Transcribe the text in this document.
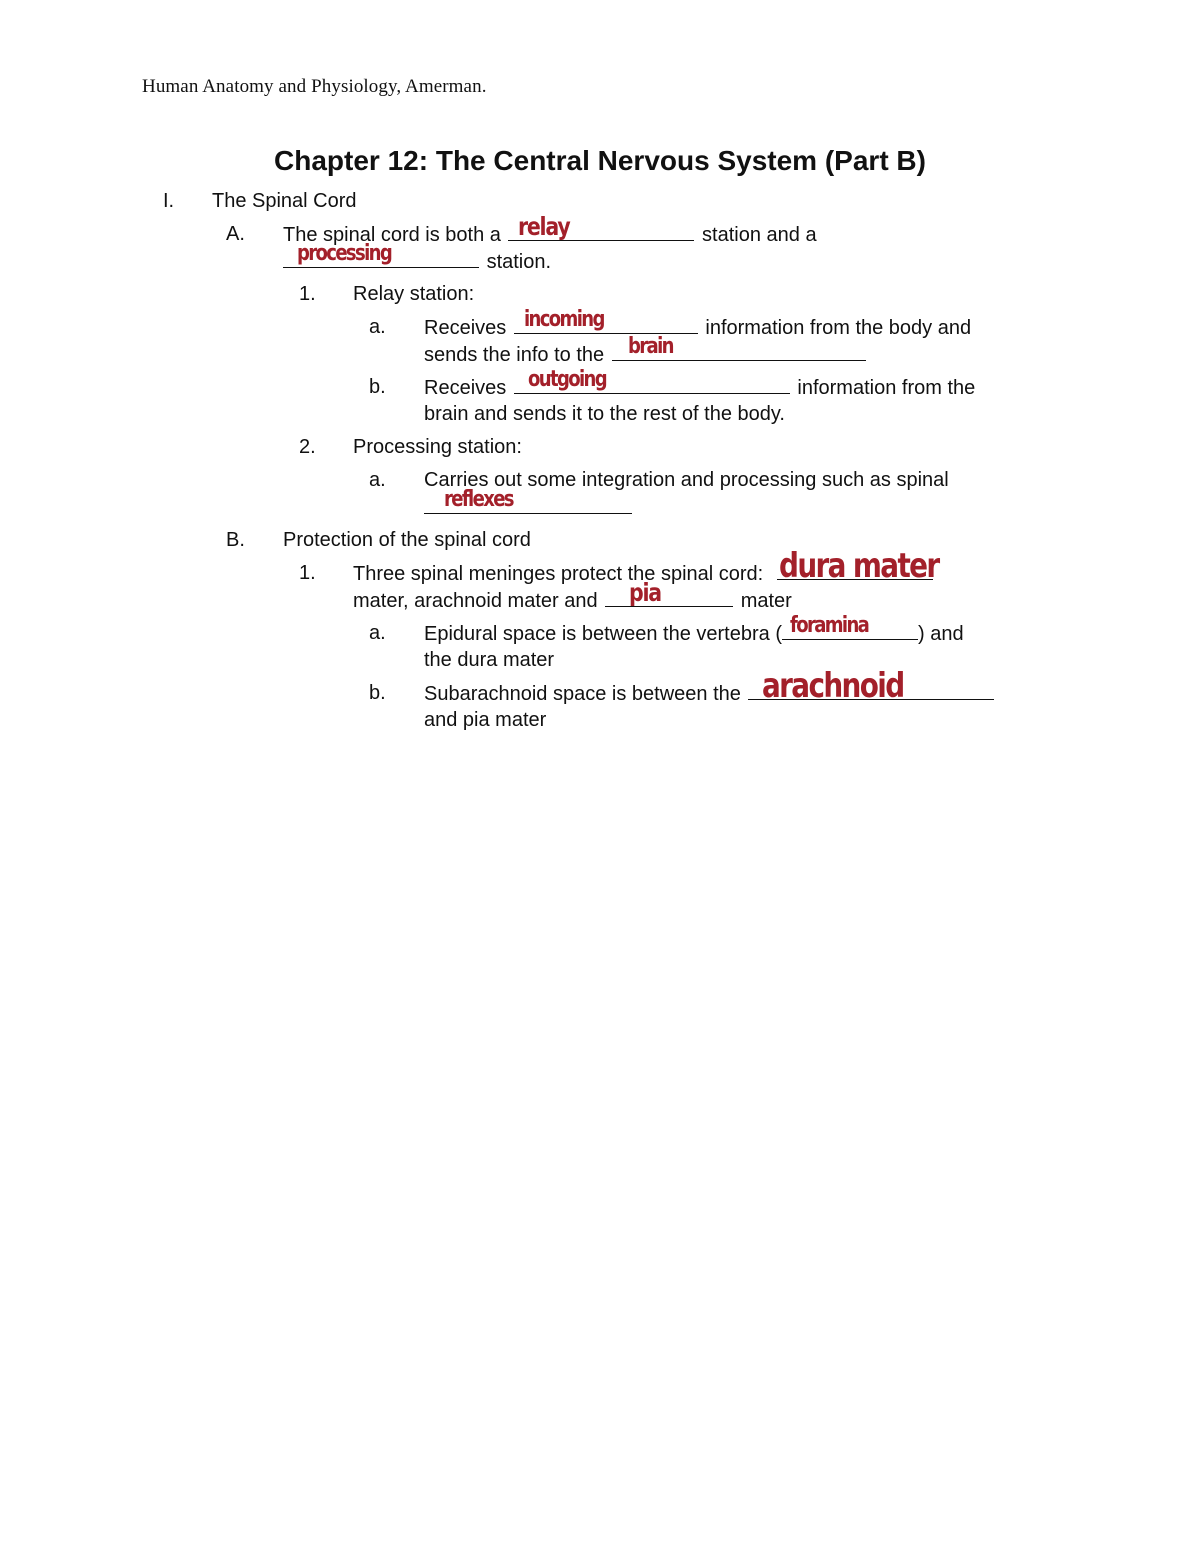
Human Anatomy and Physiology, Amerman.
Chapter 12: The Central Nervous System (Part B)
I. The Spinal Cord
A. The spinal cord is both a relay	station and a
processing	station.
1. Relay station:
a. Receives incoming	information from the body and
sends the info to the brain
b. Receives outgoing	information from the
brain and sends it to the rest of the body.
2. Processing station:
a. Carries out some integration and processing such as spinal
reflexes
B. Protection of the spinal cord
1. Three spinal meninges protect the spinal cord: dura mater
mater, arachnoid mater and pia	mater
a. Epidural space is between the vertebra ( foramina ) and
the dura mater
b. Subarachnoid space is between the arachnoid
and pia mater
